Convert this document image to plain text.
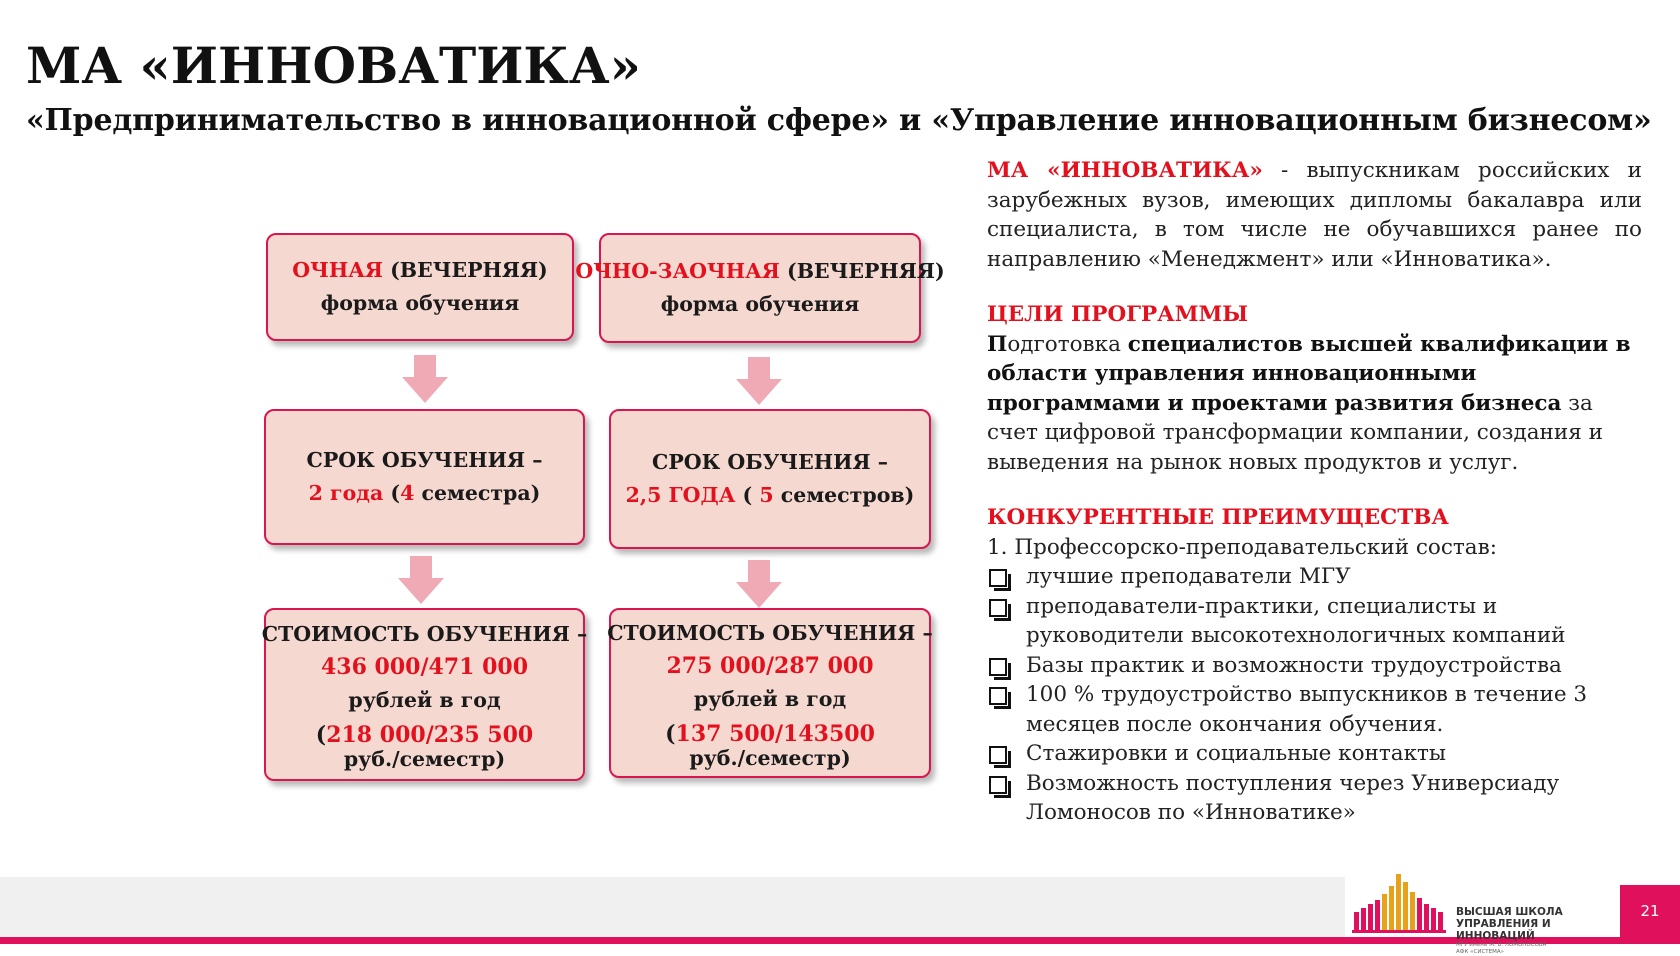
МА «ИННОВАТИКА»
«Предпринимательство в инновационной сфере» и «Управление инновационным бизнесом»
ОЧНАЯ (ВЕЧЕРНЯЯ)
форма обучения
СРОК ОБУЧЕНИЯ –
2 года (4 семестра)
СТОИМОСТЬ ОБУЧЕНИЯ –
436 000/471 000
рублей в год
(218 000/235 500
руб./семестр)
ОЧНО-ЗАОЧНАЯ (ВЕЧЕРНЯЯ)
форма обучения
СРОК ОБУЧЕНИЯ –
2,5 ГОДА ( 5 семестров)
СТОИМОСТЬ ОБУЧЕНИЯ –
275 000/287 000
рублей в год
(137 500/143500
руб./семестр)

МА «ИННОВАТИКА» - выпускникам российских и зарубежных вузов, имеющих дипломы бакалавра или специалиста, в том числе не обучавшихся ранее по направлению «Менеджмент» или «Инноватика».

ЦЕЛИ ПРОГРАММЫ

Подготовка специалистов высшей квалификации в области управления инновационными программами и проектами развития бизнеса за счет цифровой трансформации компании, создания и выведения на рынок новых продуктов и услуг.

КОНКУРЕНТНЫЕ ПРЕИМУЩЕСТВА
1. Профессорско-преподавательский состав:
лучшие преподаватели МГУ
преподаватели-практики, специалисты и руководители высокотехнологичных компаний
Базы практик и возможности трудоустройства
100 % трудоустройство выпускников в течение 3 месяцев после окончания обучения.
Стажировки и социальные контакты
Возможность поступления через Универсиаду Ломоносов по «Инноватике»
ВЫСШАЯ ШКОЛА
УПРАВЛЕНИЯ И ИННОВАЦИЙ
МГУ имени М. В. ЛОМОНОСОВА
АФК «СИСТЕМА»
21
